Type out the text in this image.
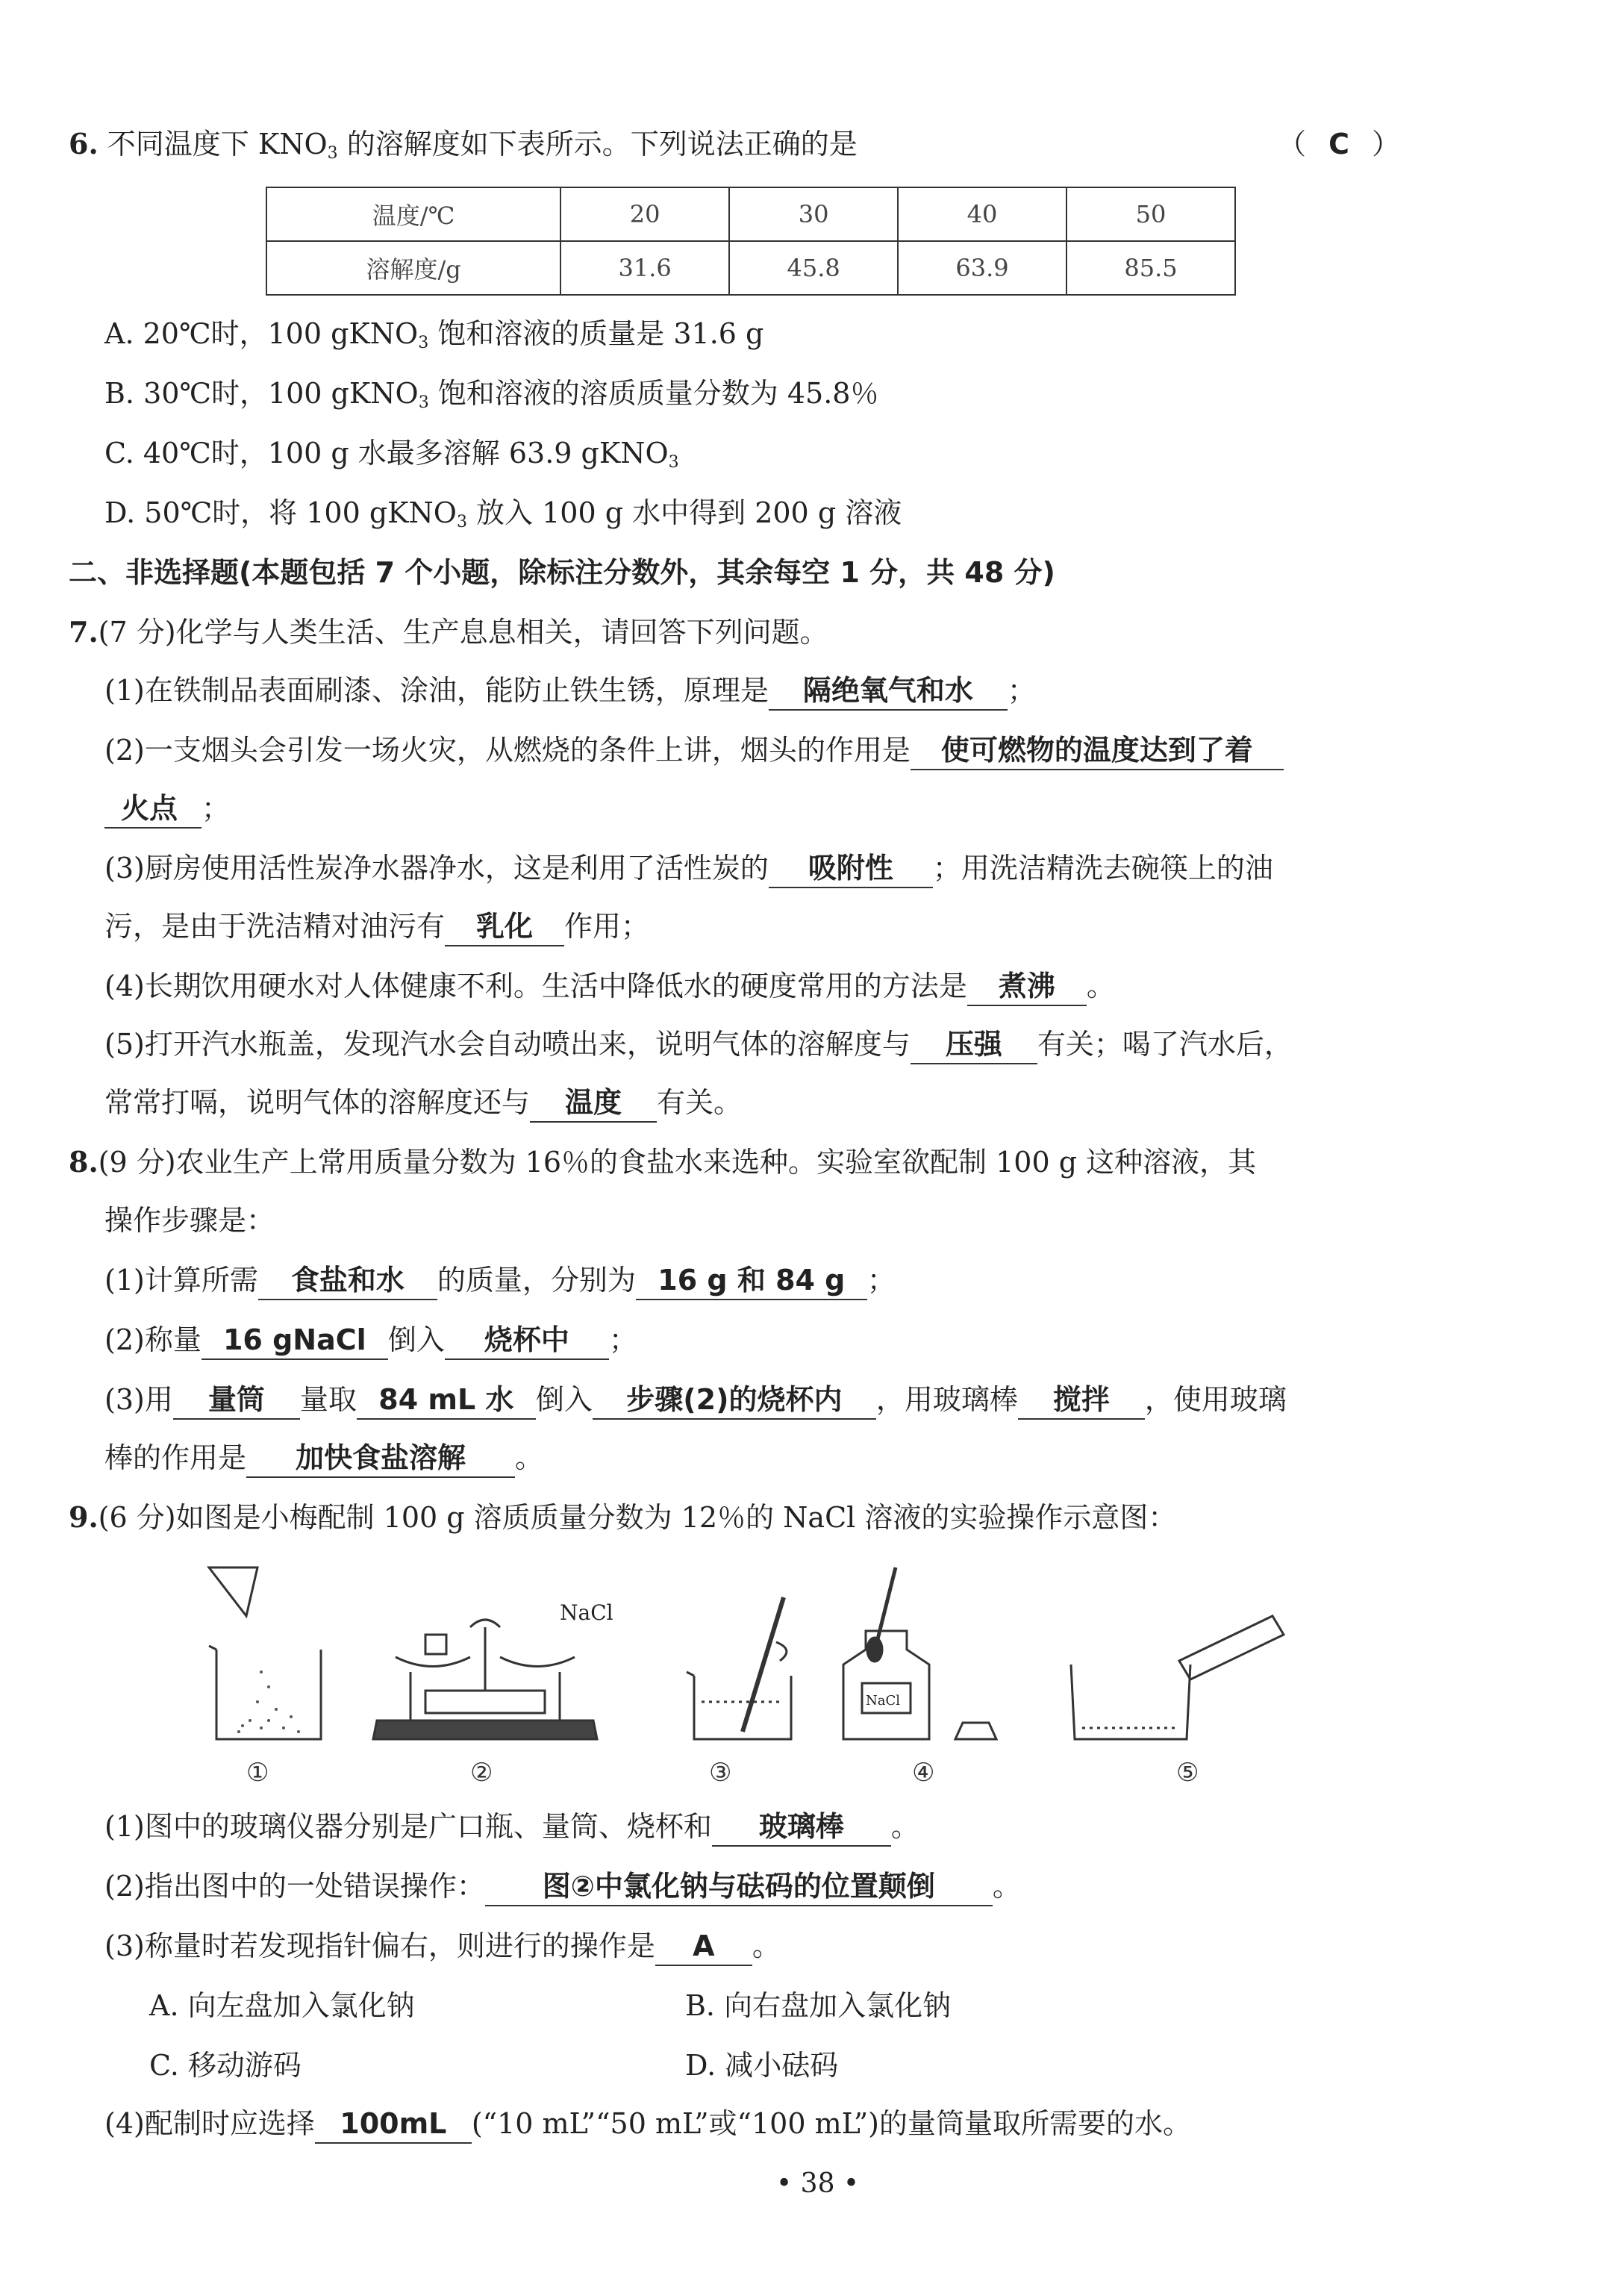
6. 不同温度下 $KNO_3$ 的溶解度如下表所示。下列说法正确的是	（ C ）
温度/℃	20	30	40	50
溶解度/g	31.6	45.8	63.9	85.5
A. 20℃时，100 gKNO$_3$ 饱和溶液的质量是 31.6 g
B. 30℃时，100 gKNO$_3$ 饱和溶液的溶质质量分数为 45.8％
C. 40℃时，100 g 水最多溶解 63.9 gKNO$_3$
D. 50℃时，将 100 gKNO$_3$ 放入 100 g 水中得到 200 g 溶液
二、非选择题(本题包括 7 个小题，除标注分数外，其余每空 1 分，共 48 分)
7.(7 分)化学与人类生活、生产息息相关，请回答下列问题。
(1)在铁制品表面刷漆、涂油，能防止铁生锈，原理是 隔绝氧气和水 ；
(2)一支烟头会引发一场火灾，从燃烧的条件上讲，烟头的作用是 使可燃物的温度达到了着
火点 ；
(3)厨房使用活性炭净水器净水，这是利用了活性炭的 吸附性 ；用洗洁精洗去碗筷上的油
污，是由于洗洁精对油污有 乳化 作用；
(4)长期饮用硬水对人体健康不利。生活中降低水的硬度常用的方法是 煮沸 。
(5)打开汽水瓶盖，发现汽水会自动喷出来，说明气体的溶解度与 压强 有关；喝了汽水后，
常常打嗝，说明气体的溶解度还与 温度 有关。
8.(9 分)农业生产上常用质量分数为 16％的食盐水来选种。实验室欲配制 100 g 这种溶液，其
操作步骤是：
(1)计算所需 食盐和水 的质量，分别为 16 g 和 84 g ；
(2)称量 16 gNaCl 倒入 烧杯中 ；
(3)用 量筒 量取 84 mL 水 倒入 步骤(2)的烧杯内 ，用玻璃棒 搅拌 ，使用玻璃
棒的作用是 加快食盐溶解 。
9.(6 分)如图是小梅配制 100 g 溶质质量分数为 12％的 NaCl 溶液的实验操作示意图：
NaCl
NaCl
①	②	③	④	⑤
(1)图中的玻璃仪器分别是广口瓶、量筒、烧杯和 玻璃棒 。
(2)指出图中的一处错误操作： 图②中氯化钠与砝码的位置颠倒 。
(3)称量时若发现指针偏右，则进行的操作是 A 。
A. 向左盘加入氯化钠	B. 向右盘加入氯化钠
C. 移动游码	D. 减小砝码
(4)配制时应选择 100mL (“10 mL”“50 mL”或“100 mL”)的量筒量取所需要的水。
• 38 •
